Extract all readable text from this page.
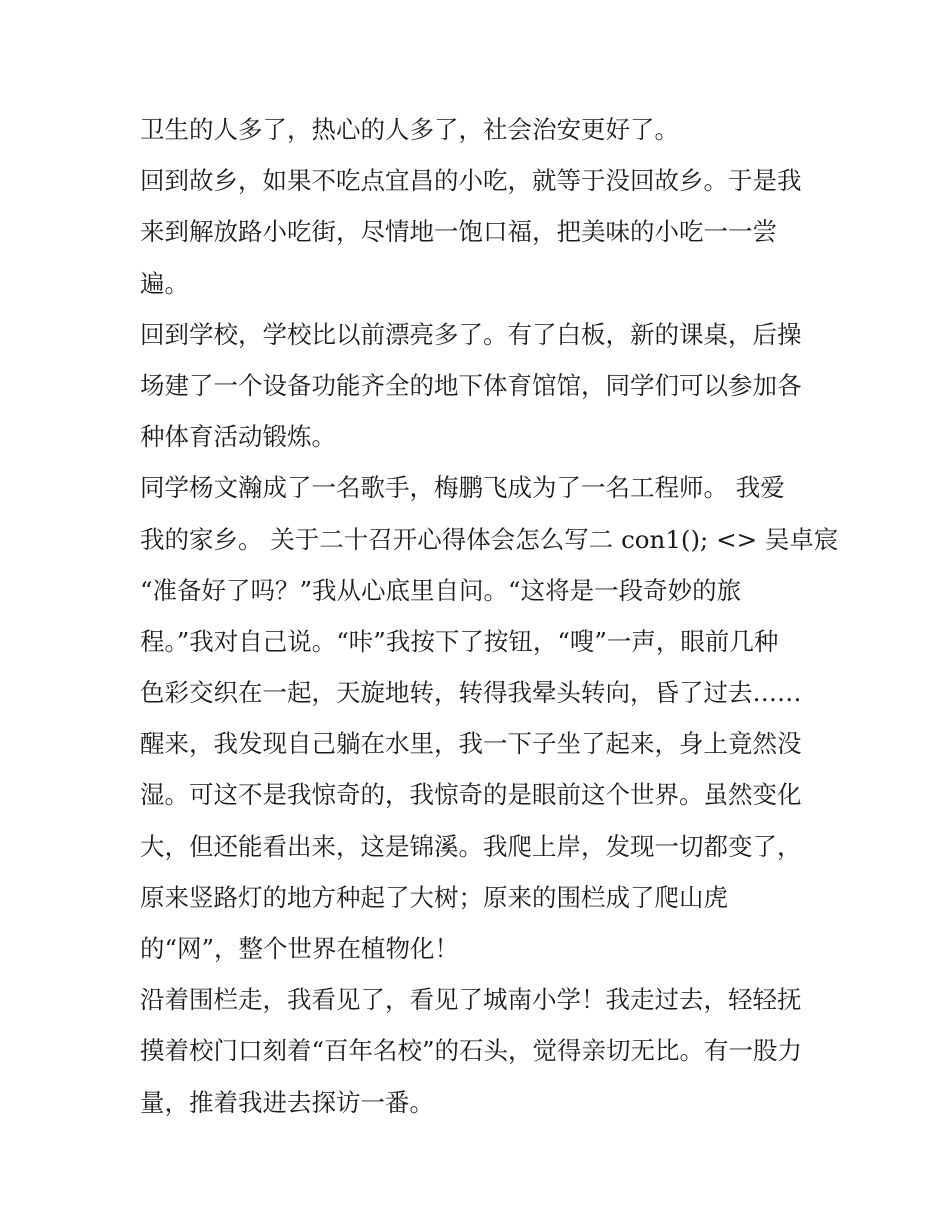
卫生的人多了，热心的人多了，社会治安更好了。
回到故乡，如果不吃点宜昌的小吃，就等于没回故乡。于是我
来到解放路小吃街，尽情地一饱口福，把美味的小吃一一尝
遍。
回到学校，学校比以前漂亮多了。有了白板，新的课桌，后操
场建了一个设备功能齐全的地下体育馆馆，同学们可以参加各
种体育活动锻炼。
同学杨文瀚成了一名歌手，梅鹏飞成为了一名工程师。 我爱
我的家乡。 关于二十召开心得体会怎么写二 con1(); <> 吴卓宸
“准备好了吗？”我从心底里自问。“这将是一段奇妙的旅
程。”我对自己说。“咔”我按下了按钮，“嗖”一声，眼前几种
色彩交织在一起，天旋地转，转得我晕头转向，昏了过去……
醒来，我发现自己躺在水里，我一下子坐了起来，身上竟然没
湿。可这不是我惊奇的，我惊奇的是眼前这个世界。虽然变化
大，但还能看出来，这是锦溪。我爬上岸，发现一切都变了，
原来竖路灯的地方种起了大树；原来的围栏成了爬山虎
的“网”，整个世界在植物化！
沿着围栏走，我看见了，看见了城南小学！我走过去，轻轻抚
摸着校门口刻着“百年名校”的石头，觉得亲切无比。有一股力
量，推着我进去探访一番。
